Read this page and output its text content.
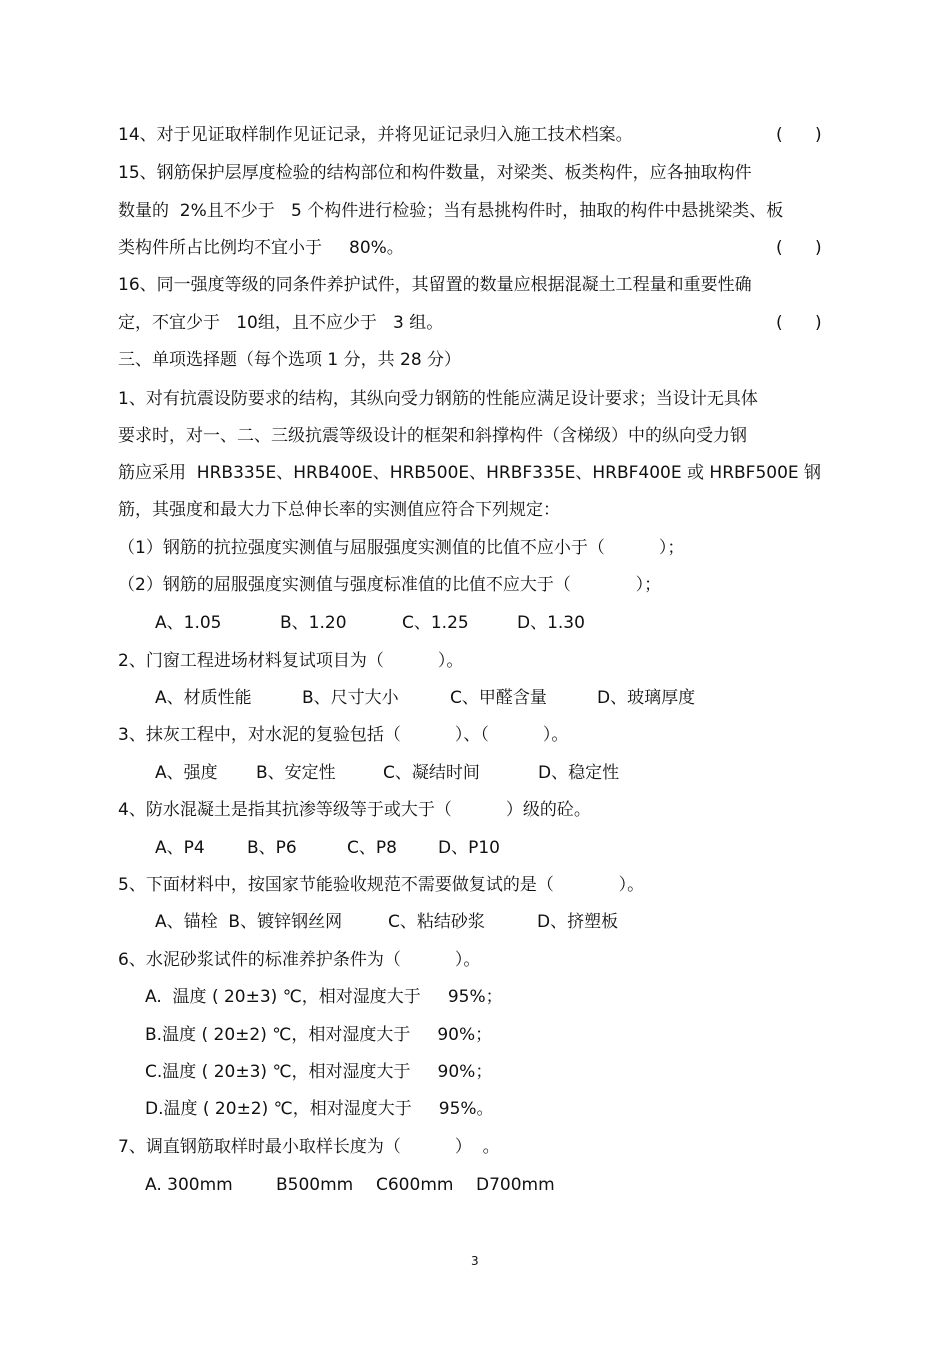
14、对于见证取样制作见证记录，并将见证记录归入施工技术档案。	(      )
15、钢筋保护层厚度检验的结构部位和构件数量，对梁类、板类构件，应各抽取构件
数量的  2%且不少于   5 个构件进行检验；当有悬挑构件时，抽取的构件中悬挑梁类、板
类构件所占比例均不宜小于     80%。	(      )
16、同一强度等级的同条件养护试件，其留置的数量应根据混凝土工程量和重要性确
定，不宜少于   10组，且不应少于   3 组。	(      )
三、单项选择题（每个选项 1 分，共 28 分）
1、对有抗震设防要求的结构，其纵向受力钢筋的性能应满足设计要求；当设计无具体
要求时，对一、二、三级抗震等级设计的框架和斜撑构件（含梯级）中的纵向受力钢
筋应采用  HRB335E、HRB400E、HRB500E、HRBF335E、HRBF400E 或 HRBF500E 钢
筋，其强度和最大力下总伸长率的实测值应符合下列规定：
（1）钢筋的抗拉强度实测值与屈服强度实测值的比值不应小于（          ）；
（2）钢筋的屈服强度实测值与强度标准值的比值不应大于（            ）；
A、1.05	B、1.20	C、1.25	D、1.30
2、门窗工程进场材料复试项目为（          ）。
A、材质性能	B、尺寸大小	C、甲醛含量	D、玻璃厚度
3、抹灰工程中，对水泥的复验包括（          ）、（          ）。
A、强度 B、安定性	C、凝结时间	D、稳定性
4、防水混凝土是指其抗渗等级等于或大于（          ）级的砼。
A、P4 B、P6	C、P8 D、P10
5、下面材料中，按国家节能验收规范不需要做复试的是（            ）。
A、锚栓  B、镀锌钢丝网	C、粘结砂浆	D、挤塑板
6、水泥砂浆试件的标准养护条件为（          ）。
A.  温度 ( 20±3) ℃，相对湿度大于     95%；
B.温度 ( 20±2) ℃，相对湿度大于     90%；
C.温度 ( 20±3) ℃，相对湿度大于     90%；
D.温度 ( 20±2) ℃，相对湿度大于     95%。
7、调直钢筋取样时最小取样长度为（          ）  。
A. 300mm	B500mm C600mm D700mm
3
